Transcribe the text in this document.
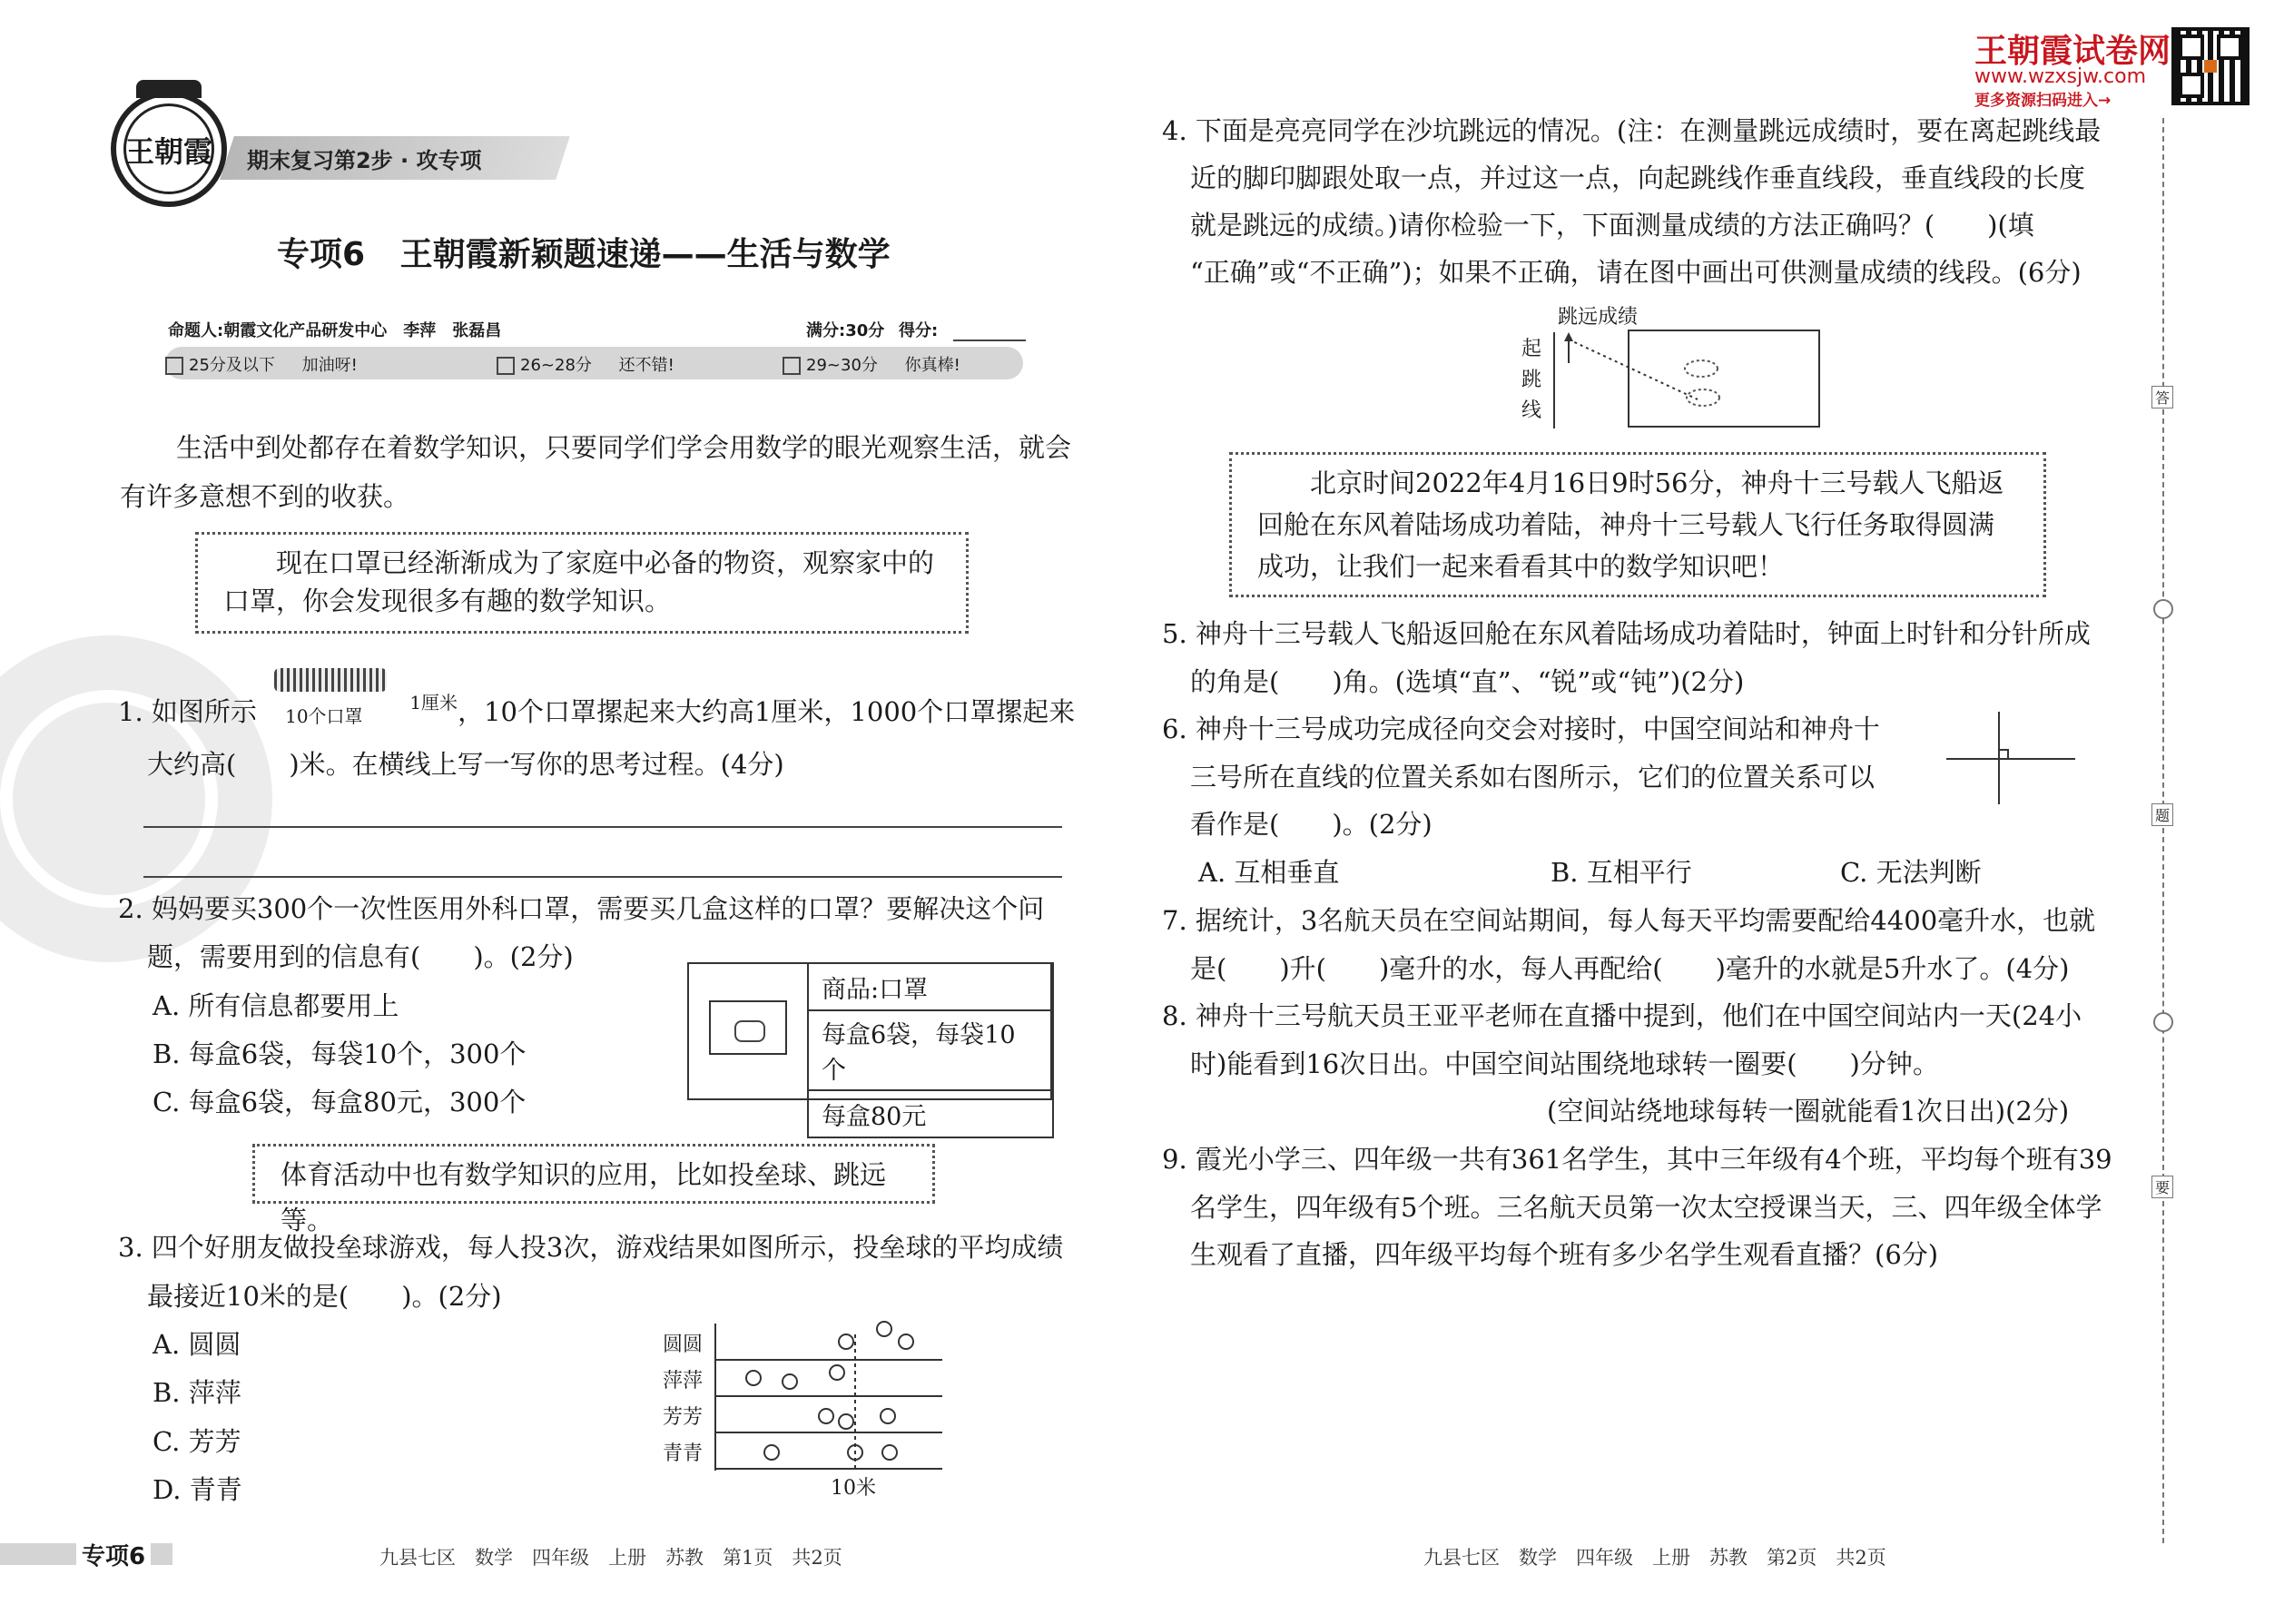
王朝霞	期末复习第2步 · 攻专项
专项6 王朝霞新颖题速递——生活与数学
命题人:朝霞文化产品研发中心　李萍　张磊昌	满分:30分 得分:
25分及以下 加油呀!	26~28分 还不错!	29~30分 你真棒!
王朝霞试卷网
www.wzxsjw.com
更多资源扫码进入→
生活中到处都存在着数学知识，只要同学们学会用数学的眼光观察生活，就会有许多意想不到的收获。
现在口罩已经渐渐成为了家庭中必备的物资，观察家中的口罩，你会发现很多有趣的数学知识。
1. 如图所示 10个口罩
$^{1厘米}$，10个口罩摞起来大约高1厘米，1000个口罩摞起来
大约高(　　)米。在横线上写一写你的思考过程。(4分)
2. 妈妈要买300个一次性医用外科口罩，需要买几盒这样的口罩？要解决这个问
题，需要用到的信息有(　　)。(2分)
A. 所有信息都要用上
B. 每盒6袋，每袋10个，300个
C. 每盒6袋，每盒80元，300个
商品:口罩
每盒6袋，每袋10个
每盒80元
体育活动中也有数学知识的应用，比如投垒球、跳远等。
3. 四个好朋友做投垒球游戏，每人投3次，游戏结果如图所示，投垒球的平均成绩
最接近10米的是(　　)。(2分)
A. 圆圆
B. 萍萍
C. 芳芳
D. 青青
圆圆
萍萍
芳芳
青青
10米
专项6	九县七区　数学　四年级　上册　苏教　第1页　共2页
4. 下面是亮亮同学在沙坑跳远的情况。(注：在测量跳远成绩时，要在离起跳线最
近的脚印脚跟处取一点，并过这一点，向起跳线作垂直线段，垂直线段的长度
就是跳远的成绩。)请你检验一下，下面测量成绩的方法正确吗？(　　)(填
“正确”或“不正确”)；如果不正确，请在图中画出可供测量成绩的线段。(6分)
跳远成绩
起跳线
北京时间2022年4月16日9时56分，神舟十三号载人飞船返回舱在东风着陆场成功着陆，神舟十三号载人飞行任务取得圆满成功，让我们一起来看看其中的数学知识吧！
5. 神舟十三号载人飞船返回舱在东风着陆场成功着陆时，钟面上时针和分针所成
的角是(　　)角。(选填“直”、“锐”或“钝”)(2分)
6. 神舟十三号成功完成径向交会对接时，中国空间站和神舟十
三号所在直线的位置关系如右图所示，它们的位置关系可以
看作是(　　)。(2分)
A. 互相垂直	B. 互相平行	C. 无法判断
7. 据统计，3名航天员在空间站期间，每人每天平均需要配给4400毫升水，也就
是(　　)升(　　)毫升的水，每人再配给(　　)毫升的水就是5升水了。(4分)
8. 神舟十三号航天员王亚平老师在直播中提到，他们在中国空间站内一天(24小
时)能看到16次日出。中国空间站围绕地球转一圈要(　　)分钟。
(空间站绕地球每转一圈就能看1次日出)(2分)
9. 霞光小学三、四年级一共有361名学生，其中三年级有4个班，平均每个班有39
名学生，四年级有5个班。三名航天员第一次太空授课当天，三、四年级全体学
生观看了直播，四年级平均每个班有多少名学生观看直播？(6分)
九县七区　数学　四年级　上册　苏教　第2页　共2页
答
题
要
